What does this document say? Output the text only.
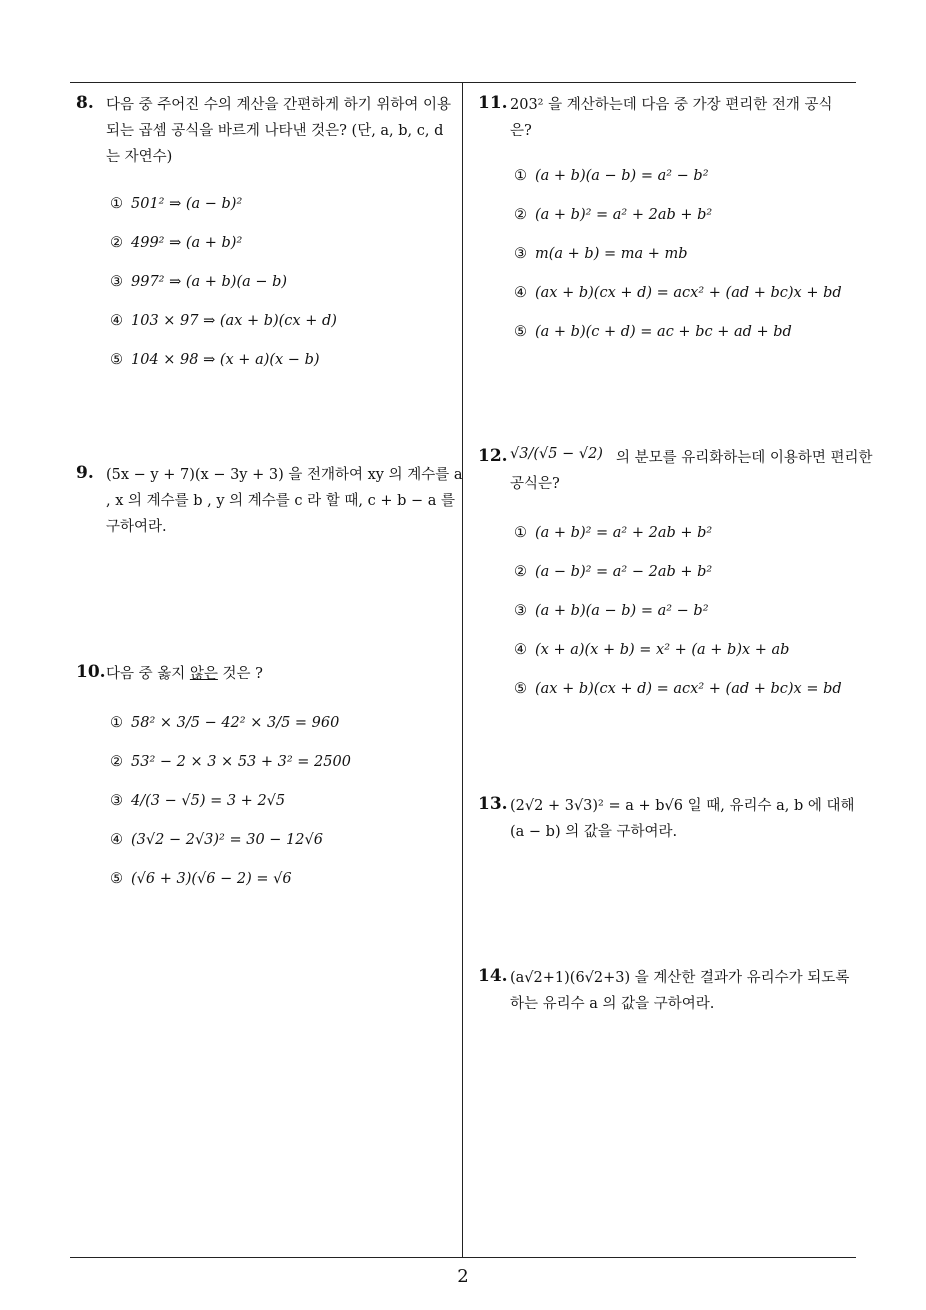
8. 다음 중 주어진 수의 계산을 간편하게 하기 위하여 이용
되는 곱셈 공식을 바르게 나타낸 것은? (단, a, b, c, d
는 자연수)
① 501² ⇒ (a − b)²
② 499² ⇒ (a + b)²
③ 997² ⇒ (a + b)(a − b)
④ 103 × 97 ⇒ (ax + b)(cx + d)
⑤ 104 × 98 ⇒ (x + a)(x − b)
9. (5x − y + 7)(x − 3y + 3) 을 전개하여 xy 의 계수를 a
, x 의 계수를 b , y 의 계수를 c 라 할 때, c + b − a 를
구하여라.
10. 다음 중 옳지 않은 것은 ?
① 58² × 3/5 − 42² × 3/5 = 960
② 53² − 2 × 3 × 53 + 3² = 2500
③ 4/(3 − √5) = 3 + 2√5
④ (3√2 − 2√3)² = 30 − 12√6
⑤ (√6 + 3)(√6 − 2) = √6
11. 203² 을 계산하는데 다음 중 가장 편리한 전개 공식
은?
① (a + b)(a − b) = a² − b²
② (a + b)² = a² + 2ab + b²
③ m(a + b) = ma + mb
④ (ax + b)(cx + d) = acx² + (ad + bc)x + bd
⑤ (a + b)(c + d) = ac + bc + ad + bd
12. √3/(√5 − √2) 의 분모를 유리화하는데 이용하면 편리한
공식은?
① (a + b)² = a² + 2ab + b²
② (a − b)² = a² − 2ab + b²
③ (a + b)(a − b) = a² − b²
④ (x + a)(x + b) = x² + (a + b)x + ab
⑤ (ax + b)(cx + d) = acx² + (ad + bc)x = bd
13. (2√2 + 3√3)² = a + b√6 일 때, 유리수 a, b 에 대해
(a − b) 의 값을 구하여라.
14. (a√2+1)(6√2+3) 을 계산한 결과가 유리수가 되도록
하는 유리수 a 의 값을 구하여라.
2
